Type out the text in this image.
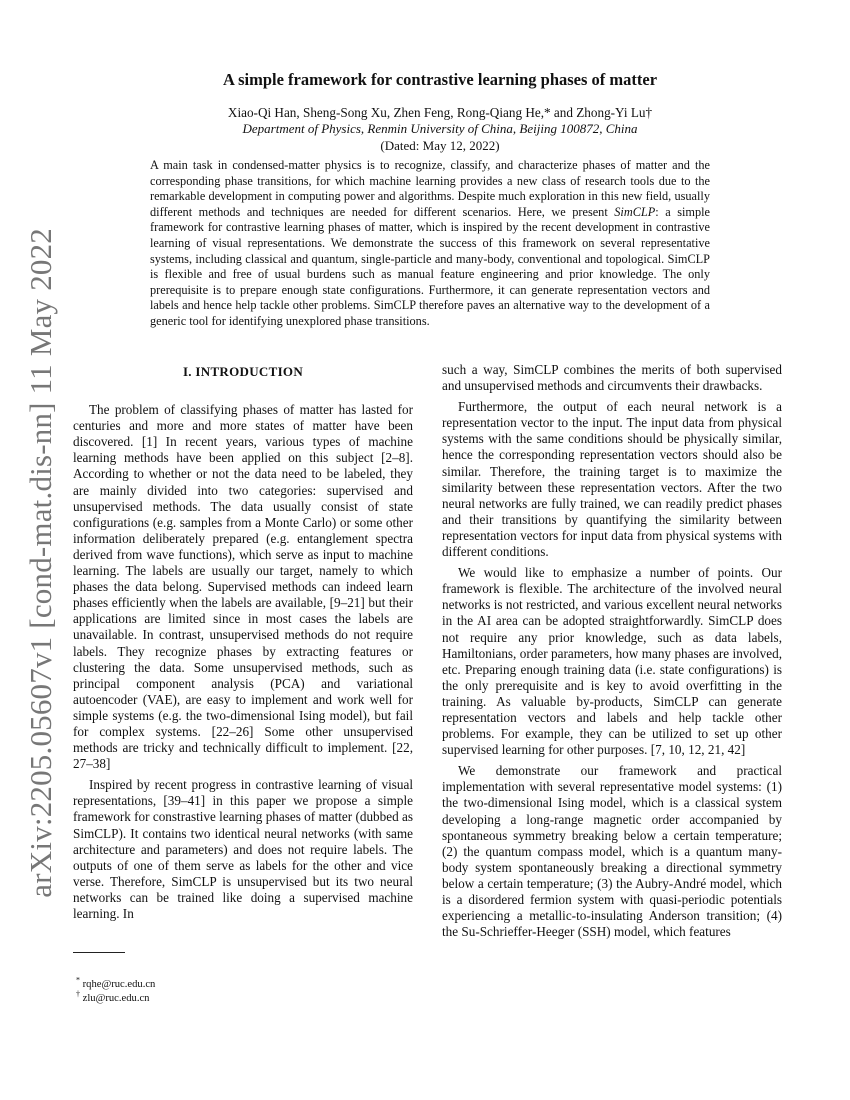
arXiv:2205.05607v1 [cond-mat.dis-nn] 11 May 2022
A simple framework for contrastive learning phases of matter
Xiao-Qi Han, Sheng-Song Xu, Zhen Feng, Rong-Qiang He,* and Zhong-Yi Lu†
Department of Physics, Renmin University of China, Beijing 100872, China
(Dated: May 12, 2022)
A main task in condensed-matter physics is to recognize, classify, and characterize phases of matter and the corresponding phase transitions, for which machine learning provides a new class of research tools due to the remarkable development in computing power and algorithms. Despite much exploration in this new field, usually different methods and techniques are needed for different scenarios. Here, we present SimCLP: a simple framework for contrastive learning phases of matter, which is inspired by the recent development in contrastive learning of visual representations. We demonstrate the success of this framework on several representative systems, including classical and quantum, single-particle and many-body, conventional and topological. SimCLP is flexible and free of usual burdens such as manual feature engineering and prior knowledge. The only prerequisite is to prepare enough state configurations. Furthermore, it can generate representation vectors and labels and hence help tackle other problems. SimCLP therefore paves an alternative way to the development of a generic tool for identifying unexplored phase transitions.
I. INTRODUCTION

The problem of classifying phases of matter has lasted for centuries and more and more states of matter have been discovered. [1] In recent years, various types of machine learning methods have been applied on this subject [2–8]. According to whether or not the data need to be labeled, they are mainly divided into two categories: supervised and unsupervised methods. The data usually consist of state configurations (e.g. samples from a Monte Carlo) or some other information deliberately prepared (e.g. entanglement spectra derived from wave functions), which serve as input to machine learning. The labels are usually our target, namely to which phases the data belong. Supervised methods can indeed learn phases efficiently when the labels are available, [9–21] but their applications are limited since in most cases the labels are unavailable. In contrast, unsupervised methods do not require labels. They recognize phases by extracting features or clustering the data. Some unsupervised methods, such as principal component analysis (PCA) and variational autoencoder (VAE), are easy to implement and work well for simple systems (e.g. the two-dimensional Ising model), but fail for complex systems. [22–26] Some other unsupervised methods are tricky and technically difficult to implement. [22, 27–38]

Inspired by recent progress in contrastive learning of visual representations, [39–41] in this paper we propose a simple framework for constrastive learning phases of matter (dubbed as SimCLP). It contains two identical neural networks (with same architecture and parameters) and does not require labels. The outputs of one of them serve as labels for the other and vice verse. Therefore, SimCLP is unsupervised but its two neural networks can be trained like doing a supervised machine learning. In

such a way, SimCLP combines the merits of both supervised and unsupervised methods and circumvents their drawbacks.

Furthermore, the output of each neural network is a representation vector to the input. The input data from physical systems with the same conditions should be physically similar, hence the corresponding representation vectors should also be similar. Therefore, the training target is to maximize the similarity between these representation vectors. After the two neural networks are fully trained, we can readily predict phases and their transitions by quantifying the similarity between representation vectors for input data from physical systems with different conditions.

We would like to emphasize a number of points. Our framework is flexible. The architecture of the involved neural networks is not restricted, and various excellent neural networks in the AI area can be adopted straightforwardly. SimCLP does not require any prior knowledge, such as data labels, Hamiltonians, order parameters, how many phases are involved, etc. Preparing enough training data (i.e. state configurations) is the only prerequisite and is key to avoid overfitting in the training. As valuable by-products, SimCLP can generate representation vectors and labels and help tackle other problems. For example, they can be utilized to set up other supervised learning for other purposes. [7, 10, 12, 21, 42]

We demonstrate our framework and practical implementation with several representative model systems: (1) the two-dimensional Ising model, which is a classical system developing a long-range magnetic order accompanied by spontaneous symmetry breaking below a certain temperature; (2) the quantum compass model, which is a quantum many-body system spontaneously breaking a directional symmetry below a certain temperature; (3) the Aubry-André model, which is a disordered fermion system with quasi-periodic potentials experiencing a metallic-to-insulating Anderson transition; (4) the Su-Schrieffer-Heeger (SSH) model, which features

* rqhe@ruc.edu.cn
† zlu@ruc.edu.cn
